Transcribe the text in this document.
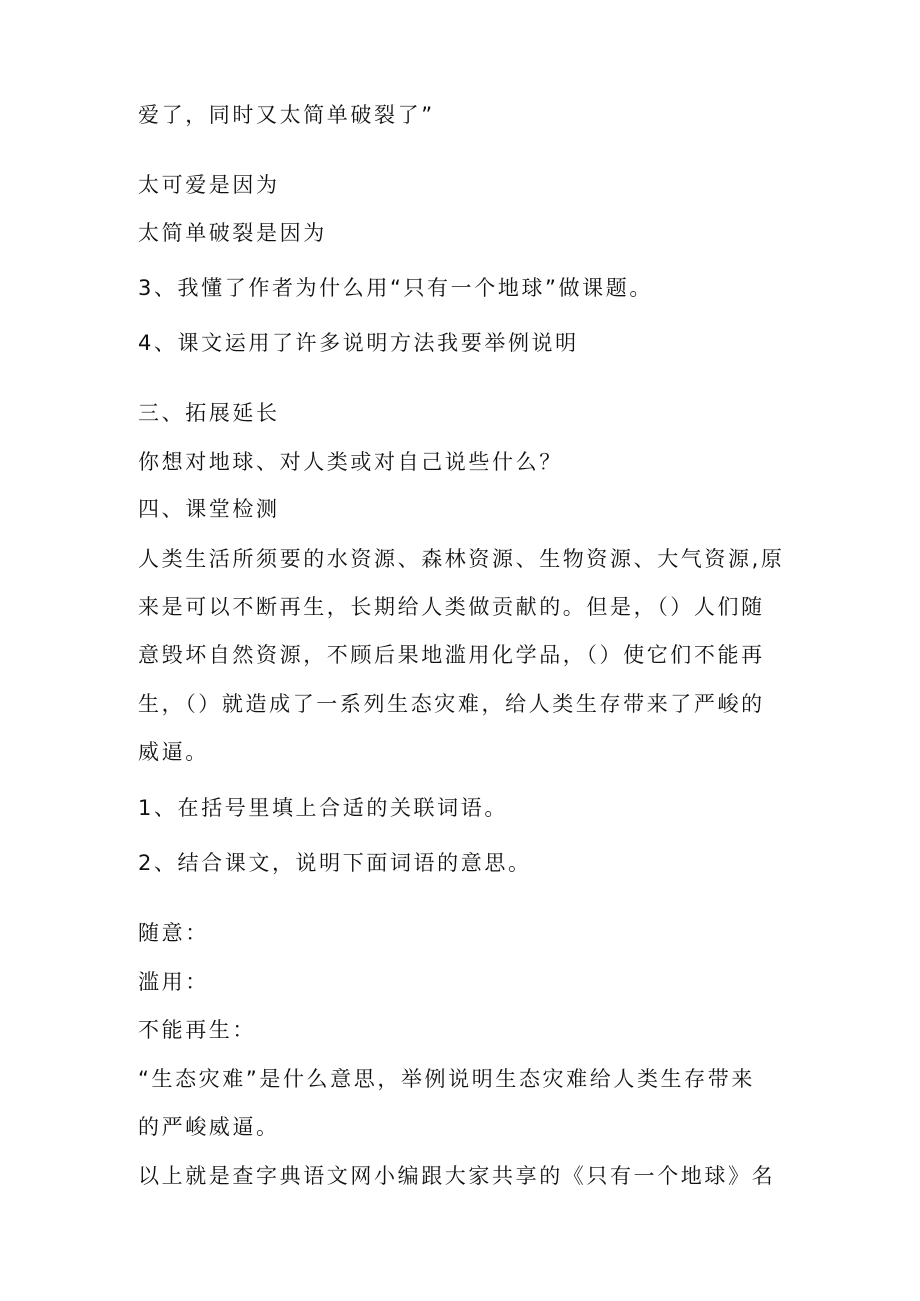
爱了，同时又太简单破裂了”
太可爱是因为
太简单破裂是因为
3、我懂了作者为什么用“只有一个地球”做课题。
4、课文运用了许多说明方法我要举例说明
三、拓展延长
你想对地球、对人类或对自己说些什么？
四、课堂检测
人类生活所须要的水资源、森林资源、生物资源、大气资源,原
来是可以不断再生，长期给人类做贡献的。但是，（）人们随
意毁坏自然资源，不顾后果地滥用化学品，（）使它们不能再
生，（）就造成了一系列生态灾难，给人类生存带来了严峻的
威逼。
1、在括号里填上合适的关联词语。
2、结合课文，说明下面词语的意思。
随意：
滥用：
不能再生：
“生态灾难”是什么意思，举例说明生态灾难给人类生存带来
的严峻威逼。
以上就是查字典语文网小编跟大家共享的《只有一个地球》名
